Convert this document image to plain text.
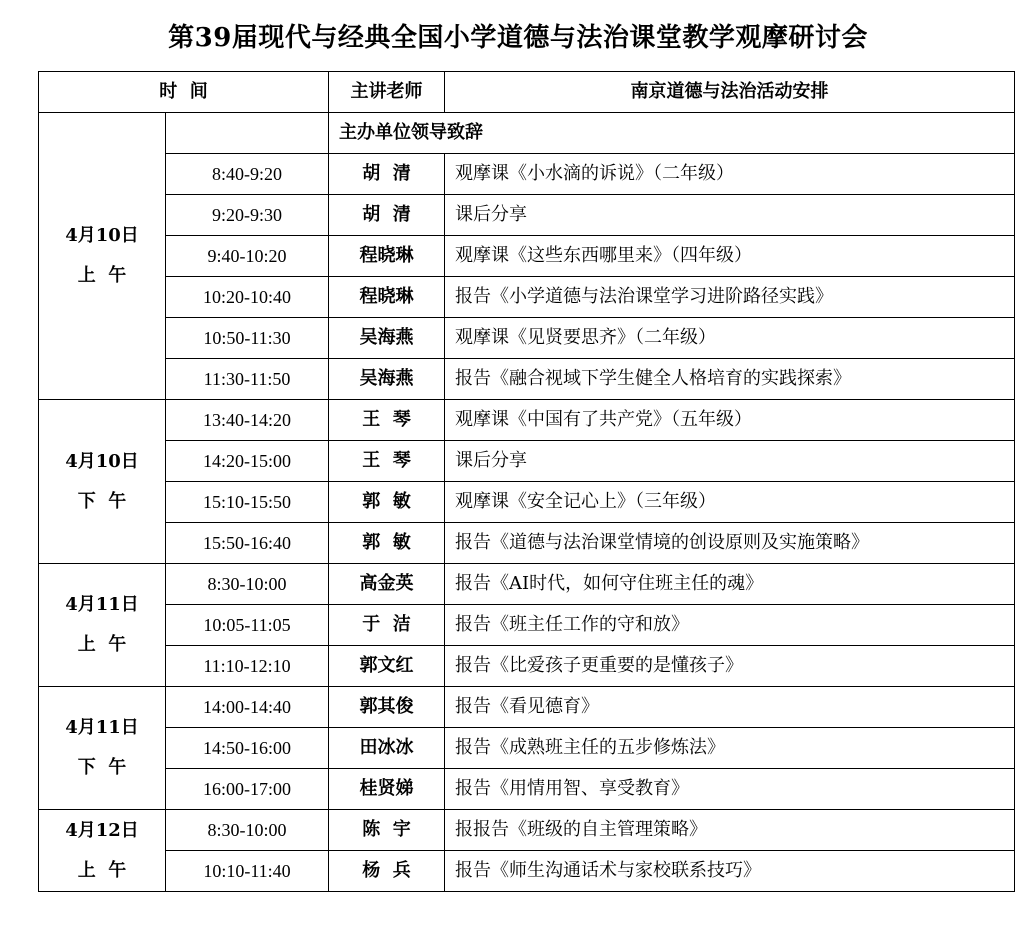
第39届现代与经典全国小学道德与法治课堂教学观摩研讨会
时  间		主讲老师	南京道德与法治活动安排

4月10日
上  午		主办单位领导致辞	
	8:40-9:20	胡  清	观摩课《小水滴的诉说》（二年级）
	9:20-9:30	胡  清	课后分享
	9:40-10:20	程晓琳	观摩课《这些东西哪里来》（四年级）
	10:20-10:40	程晓琳	报告《小学道德与法治课堂学习进阶路径实践》
	10:50-11:30	吴海燕	观摩课《见贤要思齐》（二年级）
	11:30-11:50	吴海燕	报告《融合视域下学生健全人格培育的实践探索》

4月10日
下  午	13:40-14:20	王  琴	观摩课《中国有了共产党》（五年级）
	14:20-15:00	王  琴	课后分享
	15:10-15:50	郭  敏	观摩课《安全记心上》（三年级）
	15:50-16:40	郭  敏	报告《道德与法治课堂情境的创设原则及实施策略》

4月11日
上  午	8:30-10:00	高金英	报告《AI时代，如何守住班主任的魂》
	10:05-11:05	于  洁	报告《班主任工作的守和放》
	11:10-12:10	郭文红	报告《比爱孩子更重要的是懂孩子》

4月11日
下  午	14:00-14:40	郭其俊	报告《看见德育》
	14:50-16:00	田冰冰	报告《成熟班主任的五步修炼法》
	16:00-17:00	桂贤娣	报告《用情用智、享受教育》

4月12日
上  午	8:30-10:00	陈  宇	报报告《班级的自主管理策略》
	10:10-11:40	杨  兵	报告《师生沟通话术与家校联系技巧》
